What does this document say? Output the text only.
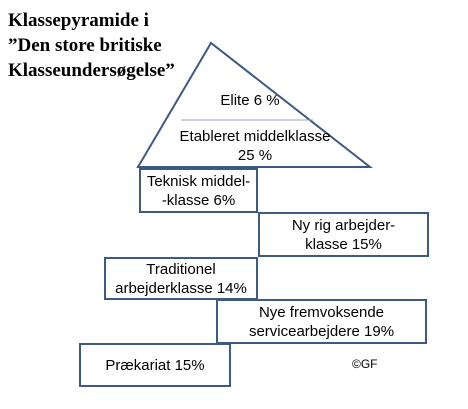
Klassepyramide i
”Den store britiske
Klasseundersøgelse”
Elite 6 %
Etableret middelklasse
25 %
Teknisk middel-
-klasse 6%
Ny rig arbejder-
klasse 15%
Traditionel
arbejderklasse 14%
Nye fremvoksende
servicearbejdere 19%
Prækariat 15%	©GF
